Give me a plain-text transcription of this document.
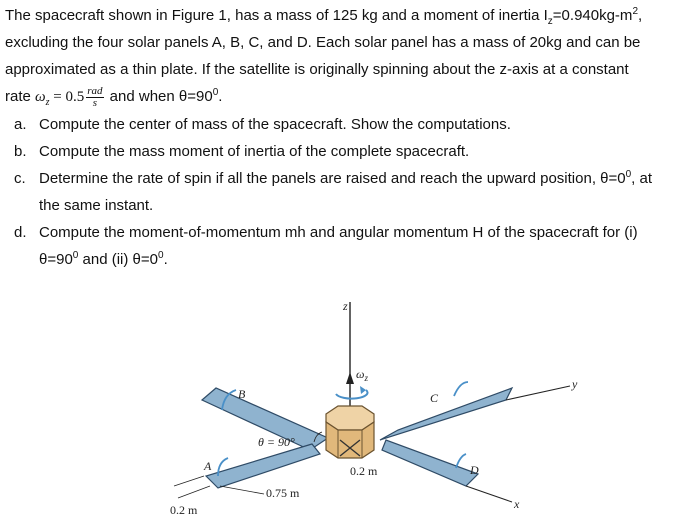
The spacecraft shown in Figure 1, has a mass of 125 kg and a moment of inertia $I_z=0.940kg-m^2$,
excluding the four solar panels A, B, C, and D. Each solar panel has a mass of 20kg and can be
approximated as a thin plate. If the satellite is originally spinning about the z-axis at a constant
rate $\omega_z = 0.5 \frac{\text{rad}}{s}$ and when $\theta=90^0$.

a. Compute the center of mass of the spacecraft. Show the computations.
b. Compute the mass moment of inertia of the complete spacecraft.
c. Determine the rate of spin if all the panels are raised and reach the upward position, $\theta=0^0$, at
the same instant.
d. Compute the moment-of-momentum mh and angular momentum H of the spacecraft for (i)
$\theta=90^0$ and (ii) $\theta=0^0$.
z
$\omega_z$	y
x
B	C
A	D
θ = 90°
0.2 m
0.75 m
0.2 m
